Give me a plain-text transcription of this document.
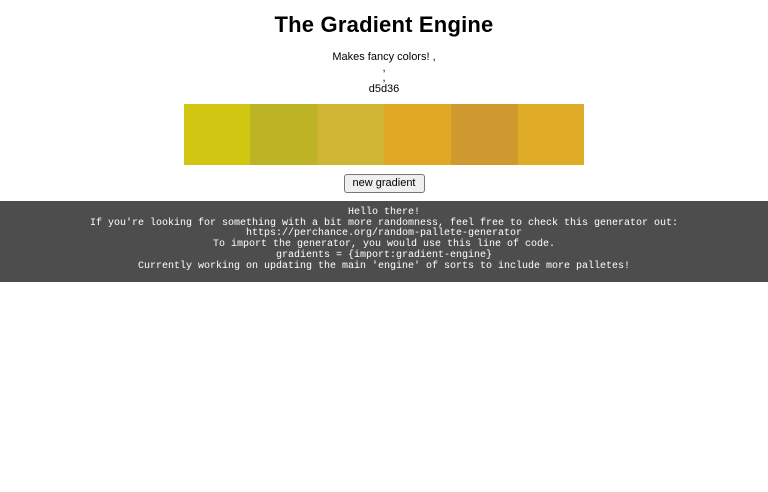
The Gradient Engine
Makes fancy colors! ,
,
,
d5d36
new gradient
Hello there!
If you're looking for something with a bit more randomness, feel free to check this generator out:
https://perchance.org/random-pallete-generator
To import the generator, you would use this line of code.
gradients = {import:gradient-engine}
Currently working on updating the main 'engine' of sorts to include more palletes!
